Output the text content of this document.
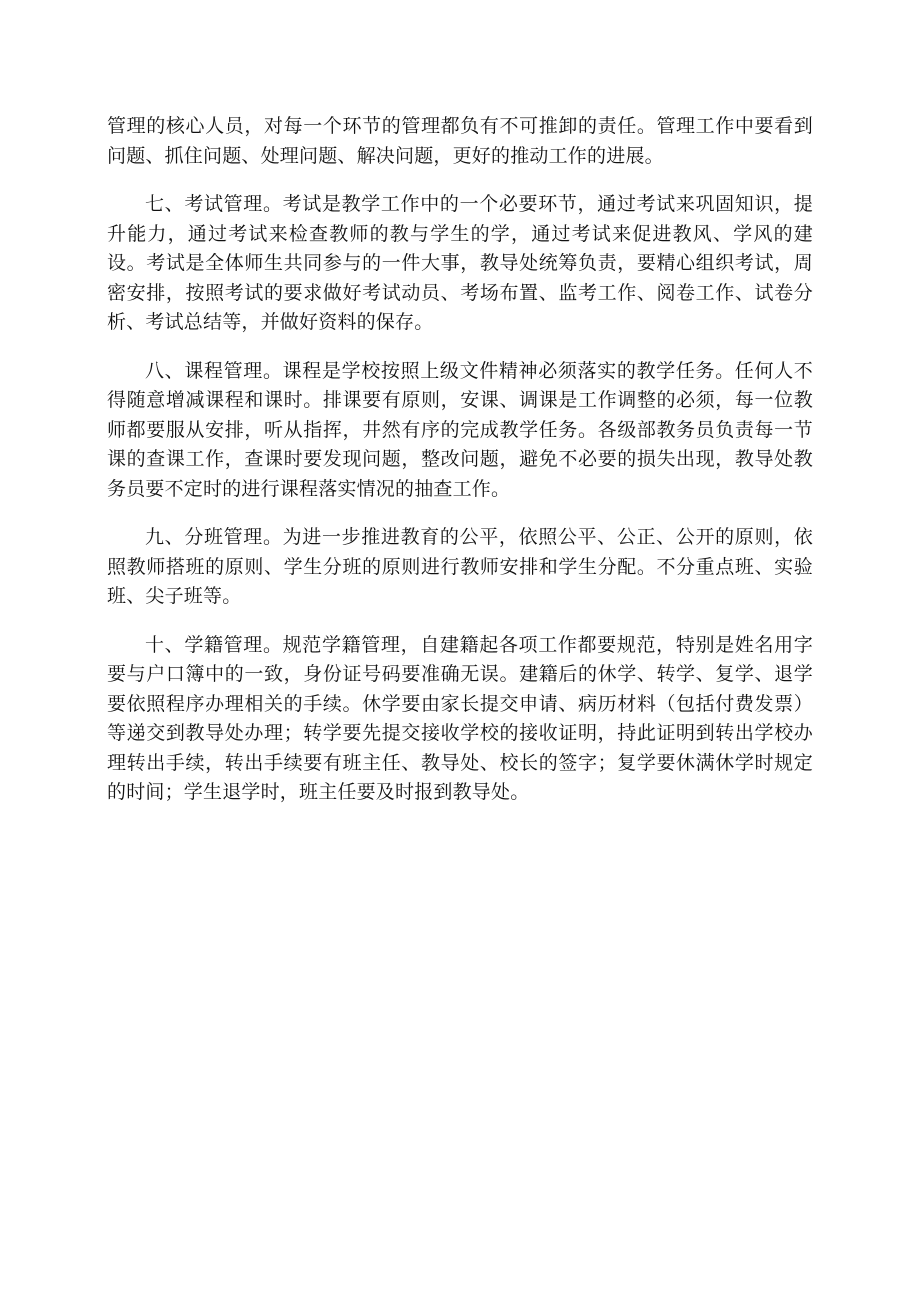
管理的核心人员，对每一个环节的管理都负有不可推卸的责任。管理工作中要看到问题、抓住问题、处理问题、解决问题，更好的推动工作的进展。

七、考试管理。考试是教学工作中的一个必要环节，通过考试来巩固知识，提升能力，通过考试来检查教师的教与学生的学，通过考试来促进教风、学风的建设。考试是全体师生共同参与的一件大事，教导处统筹负责，要精心组织考试，周密安排，按照考试的要求做好考试动员、考场布置、监考工作、阅卷工作、试卷分析、考试总结等，并做好资料的保存。

八、课程管理。课程是学校按照上级文件精神必须落实的教学任务。任何人不得随意增减课程和课时。排课要有原则，安课、调课是工作调整的必须，每一位教师都要服从安排，听从指挥，井然有序的完成教学任务。各级部教务员负责每一节课的查课工作，查课时要发现问题，整改问题，避免不必要的损失出现，教导处教务员要不定时的进行课程落实情况的抽查工作。

九、分班管理。为进一步推进教育的公平，依照公平、公正、公开的原则，依照教师搭班的原则、学生分班的原则进行教师安排和学生分配。不分重点班、实验班、尖子班等。

十、学籍管理。规范学籍管理，自建籍起各项工作都要规范，特别是姓名用字要与户口簿中的一致，身份证号码要准确无误。建籍后的休学、转学、复学、退学要依照程序办理相关的手续。休学要由家长提交申请、病历材料（包括付费发票）等递交到教导处办理；转学要先提交接收学校的接收证明，持此证明到转出学校办理转出手续，转出手续要有班主任、教导处、校长的签字；复学要休满休学时规定的时间；学生退学时，班主任要及时报到教导处。
